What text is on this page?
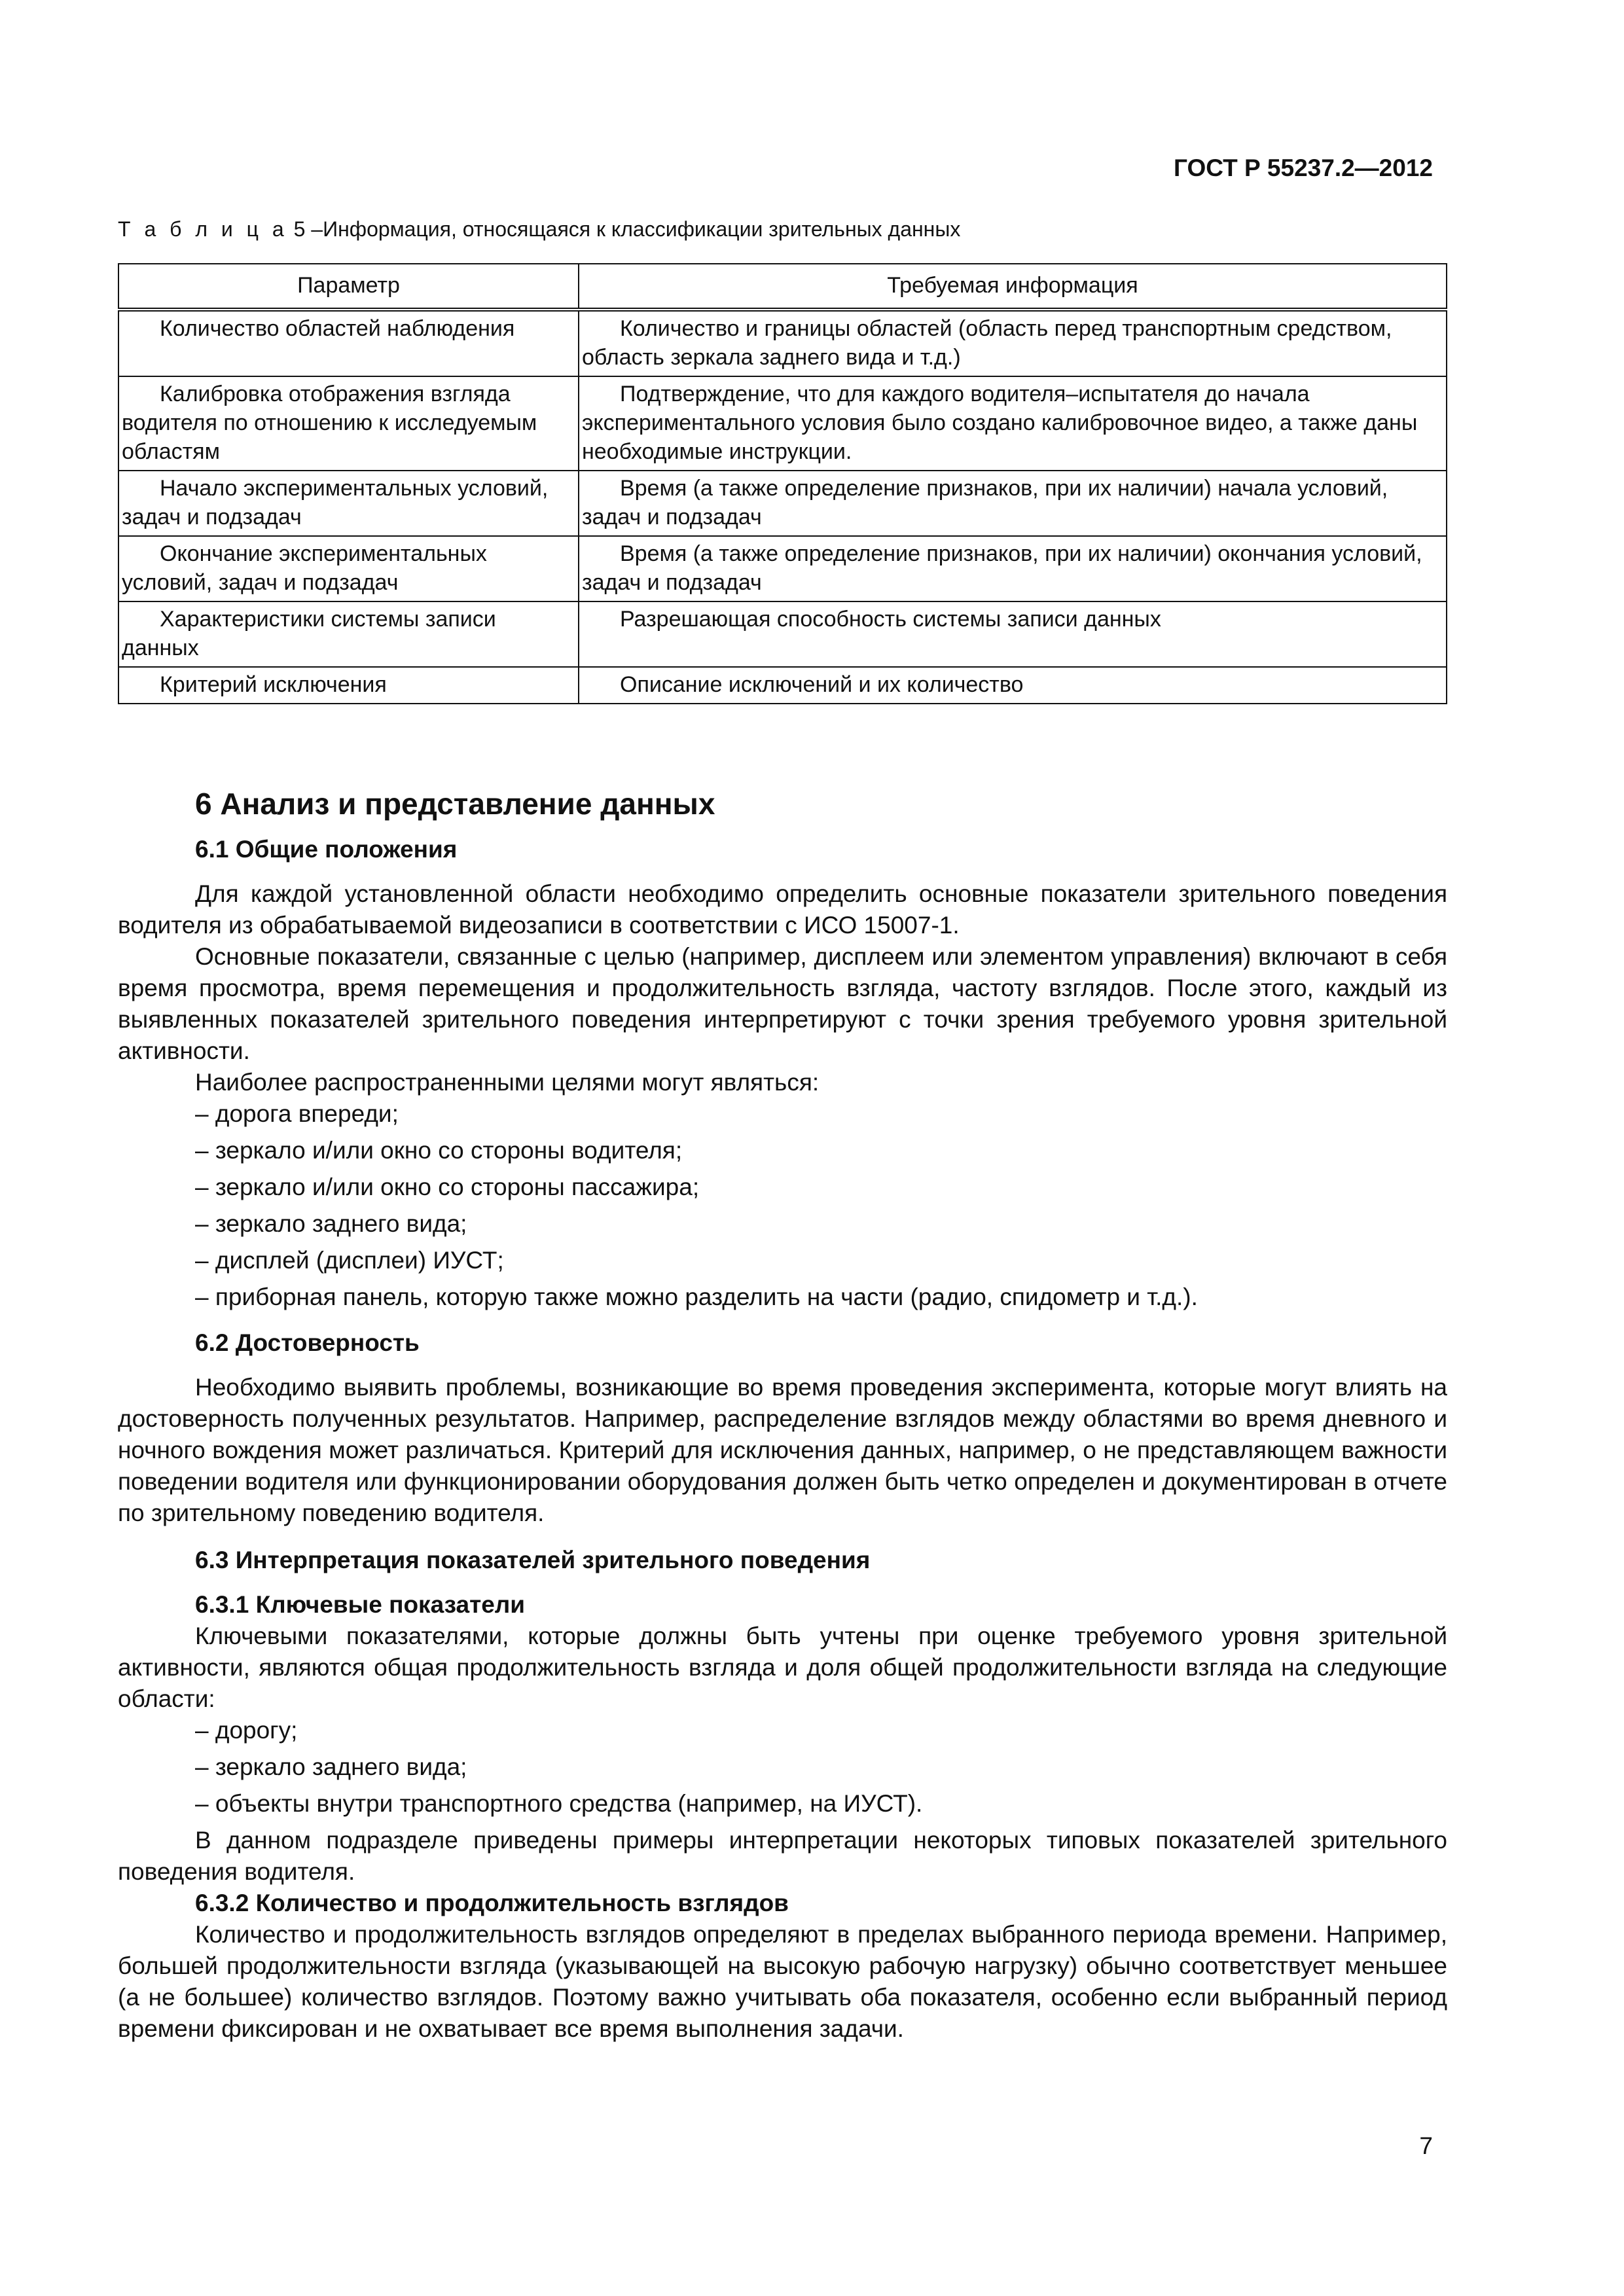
ГОСТ Р 55237.2—2012
Т а б л и ц а 5 –Информация, относящаяся к классификации зрительных данных
Параметр	Требуемая информация
Количество областей наблюдения	Количество и границы областей (область перед транспортным средством, область зеркала заднего вида и т.д.)
Калибровка отображения взгляда водителя по отношению к исследуемым областям	Подтверждение, что для каждого водителя–испытателя до начала экспериментального условия было создано калибровочное видео, а также даны необходимые инструкции.
Начало экспериментальных условий, задач и подзадач	Время (а также определение признаков, при их наличии) начала условий, задач и подзадач
Окончание экспериментальных условий, задач и подзадач	Время (а также определение признаков, при их наличии) окончания условий, задач и подзадач
Характеристики системы записи данных	Разрешающая способность системы записи данных
Критерий исключения	Описание исключений и их количество
6 Анализ и представление данных
6.1 Общие положения

Для каждой установленной области необходимо определить основные показатели зрительного поведения водителя из обрабатываемой видеозаписи в соответствии с ИСО 15007-1.

Основные показатели, связанные с целью (например, дисплеем или элементом управления) включают в себя время просмотра, время перемещения и продолжительность взгляда, частоту взглядов. После этого, каждый из выявленных показателей зрительного поведения интерпретируют с точки зрения требуемого уровня зрительной активности.

Наиболее распространенными целями могут являться:

– дорога впереди;
– зеркало и/или окно со стороны водителя;
– зеркало и/или окно со стороны пассажира;
– зеркало заднего вида;
– дисплей (дисплеи) ИУСТ;
– приборная панель, которую также можно разделить на части (радио, спидометр и т.д.).
6.2 Достоверность

Необходимо выявить проблемы, возникающие во время проведения эксперимента, которые могут влиять на достоверность полученных результатов. Например, распределение взглядов между областями во время дневного и ночного вождения может различаться. Критерий для исключения данных, например, о не представляющем важности поведении водителя или функционировании оборудования должен быть четко определен и документирован в отчете по зрительному поведению водителя.

6.3 Интерпретация показателей зрительного поведения
6.3.1 Ключевые показатели

Ключевыми показателями, которые должны быть учтены при оценке требуемого уровня зрительной активности, являются общая продолжительность взгляда и доля общей продолжительности взгляда на следующие области:

– дорогу;
– зеркало заднего вида;
– объекты внутри транспортного средства (например, на ИУСТ).

В данном подразделе приведены примеры интерпретации некоторых типовых показателей зрительного поведения водителя.

6.3.2 Количество и продолжительность взглядов

Количество и продолжительность взглядов определяют в пределах выбранного периода времени. Например, большей продолжительности взгляда (указывающей на высокую рабочую нагрузку) обычно соответствует меньшее (а не большее) количество взглядов. Поэтому важно учитывать оба показателя, особенно если выбранный период времени фиксирован и не охватывает все время выполнения задачи.

7
